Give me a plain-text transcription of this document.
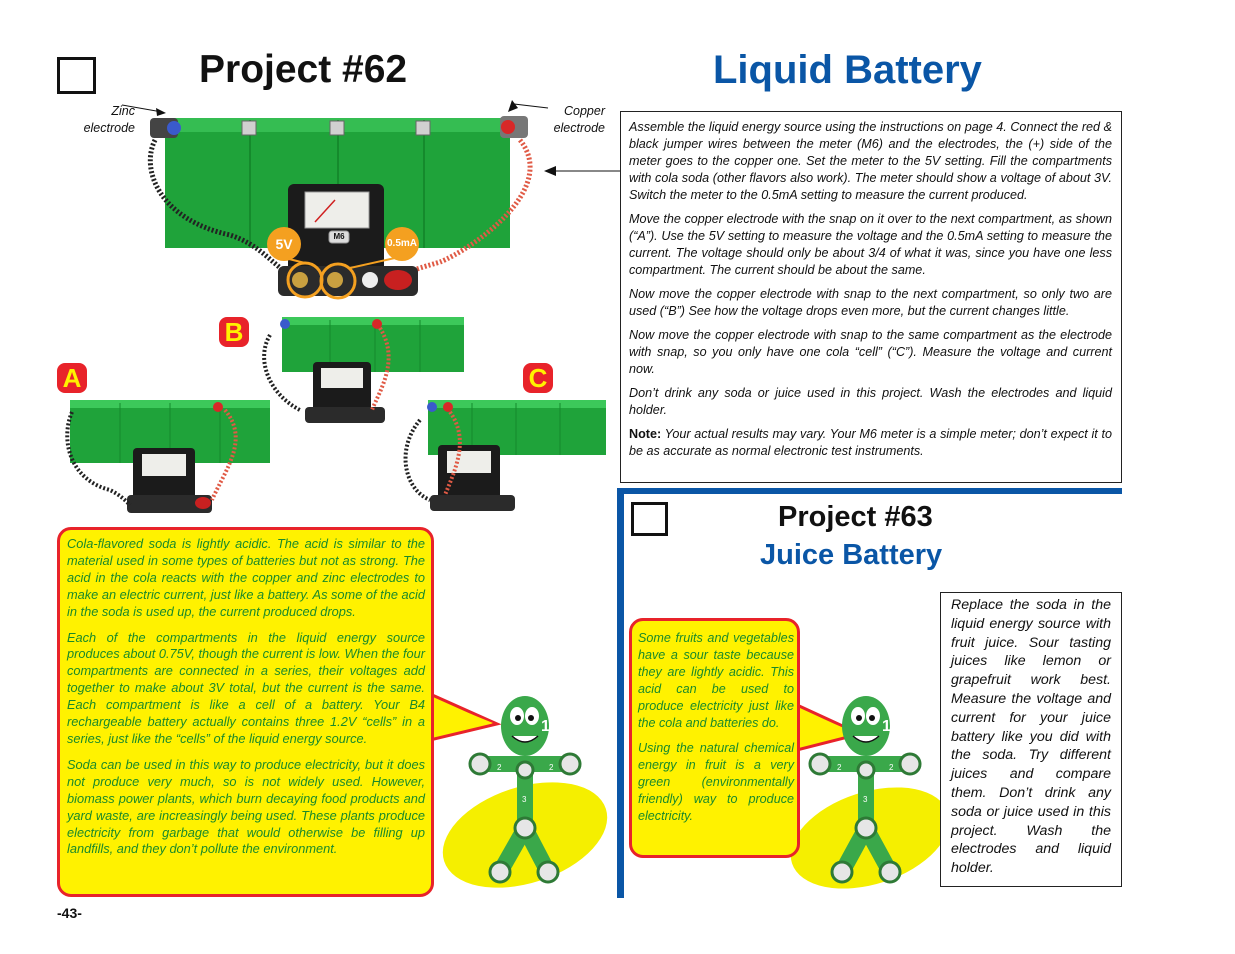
Project #62	Liquid Battery
Zinc
electrode
Copper
electrode
1
2	2
3
1
2	2
3
5V	0.5mA
M6
A
B
C

Assemble the liquid energy source using the instructions on page 4. Connect the red & black jumper wires between the meter (M6) and the electrodes, the (+) side of the meter goes to the copper one. Set the meter to the 5V setting. Fill the compartments with cola soda (other flavors also work). The meter should show a voltage of about 3V. Switch the meter to the 0.5mA setting to measure the current produced.

Move the copper electrode with the snap on it over to the next compartment, as shown (“A”). Use the 5V setting to measure the voltage and the 0.5mA setting to measure the current. The voltage should only be about 3/4 of what it was, since you have one less compartment. The current should be about the same.

Now move the copper electrode with snap to the next compartment, so only two are used (“B”) See how the voltage drops even more, but the current changes little.

Now move the copper electrode with snap to the same compartment as the electrode with snap, so you only have one cola “cell” (“C”). Measure the voltage and current now.

Don’t drink any soda or juice used in this project. Wash the electrodes and liquid holder.

Note: Your actual results may vary. Your M6 meter is a simple meter; don’t expect it to be as accurate as normal electronic test instruments.

Cola-flavored soda is lightly acidic. The acid is similar to the material used in some types of batteries but not as strong. The acid in the cola reacts with the copper and zinc electrodes to make an electric current, just like a battery. As some of the acid in the soda is used up, the current produced drops.

Each of the compartments in the liquid energy source produces about 0.75V, though the current is low. When the four compartments are connected in a series, their voltages add together to make about 3V total, but the current is the same. Each compartment is like a cell of a battery. Your B4 rechargeable battery actually contains three 1.2V “cells” in a series, just like the “cells” of the liquid energy source.

Soda can be used in this way to produce electricity, but it does not produce very much, so is not widely used. However, biomass power plants, which burn decaying food products and yard waste, are increasingly being used. These plants produce electricity from garbage that would otherwise be filling up landfills, and they don’t pollute the environment.

Project #63
Juice Battery
Replace the soda in the liquid energy source with fruit juice. Sour tasting juices like lemon or grapefruit work best. Measure the voltage and current for your juice battery like you did with the soda. Try different juices and compare them. Don’t drink any soda or juice used in this project. Wash the electrodes and liquid holder.

Some fruits and vegetables have a sour taste because they are lightly acidic. This acid can be used to produce electricity just like the cola and batteries do.

Using the natural chemical energy in fruit is a very green (environmentally friendly) way to produce electricity.

-43-
